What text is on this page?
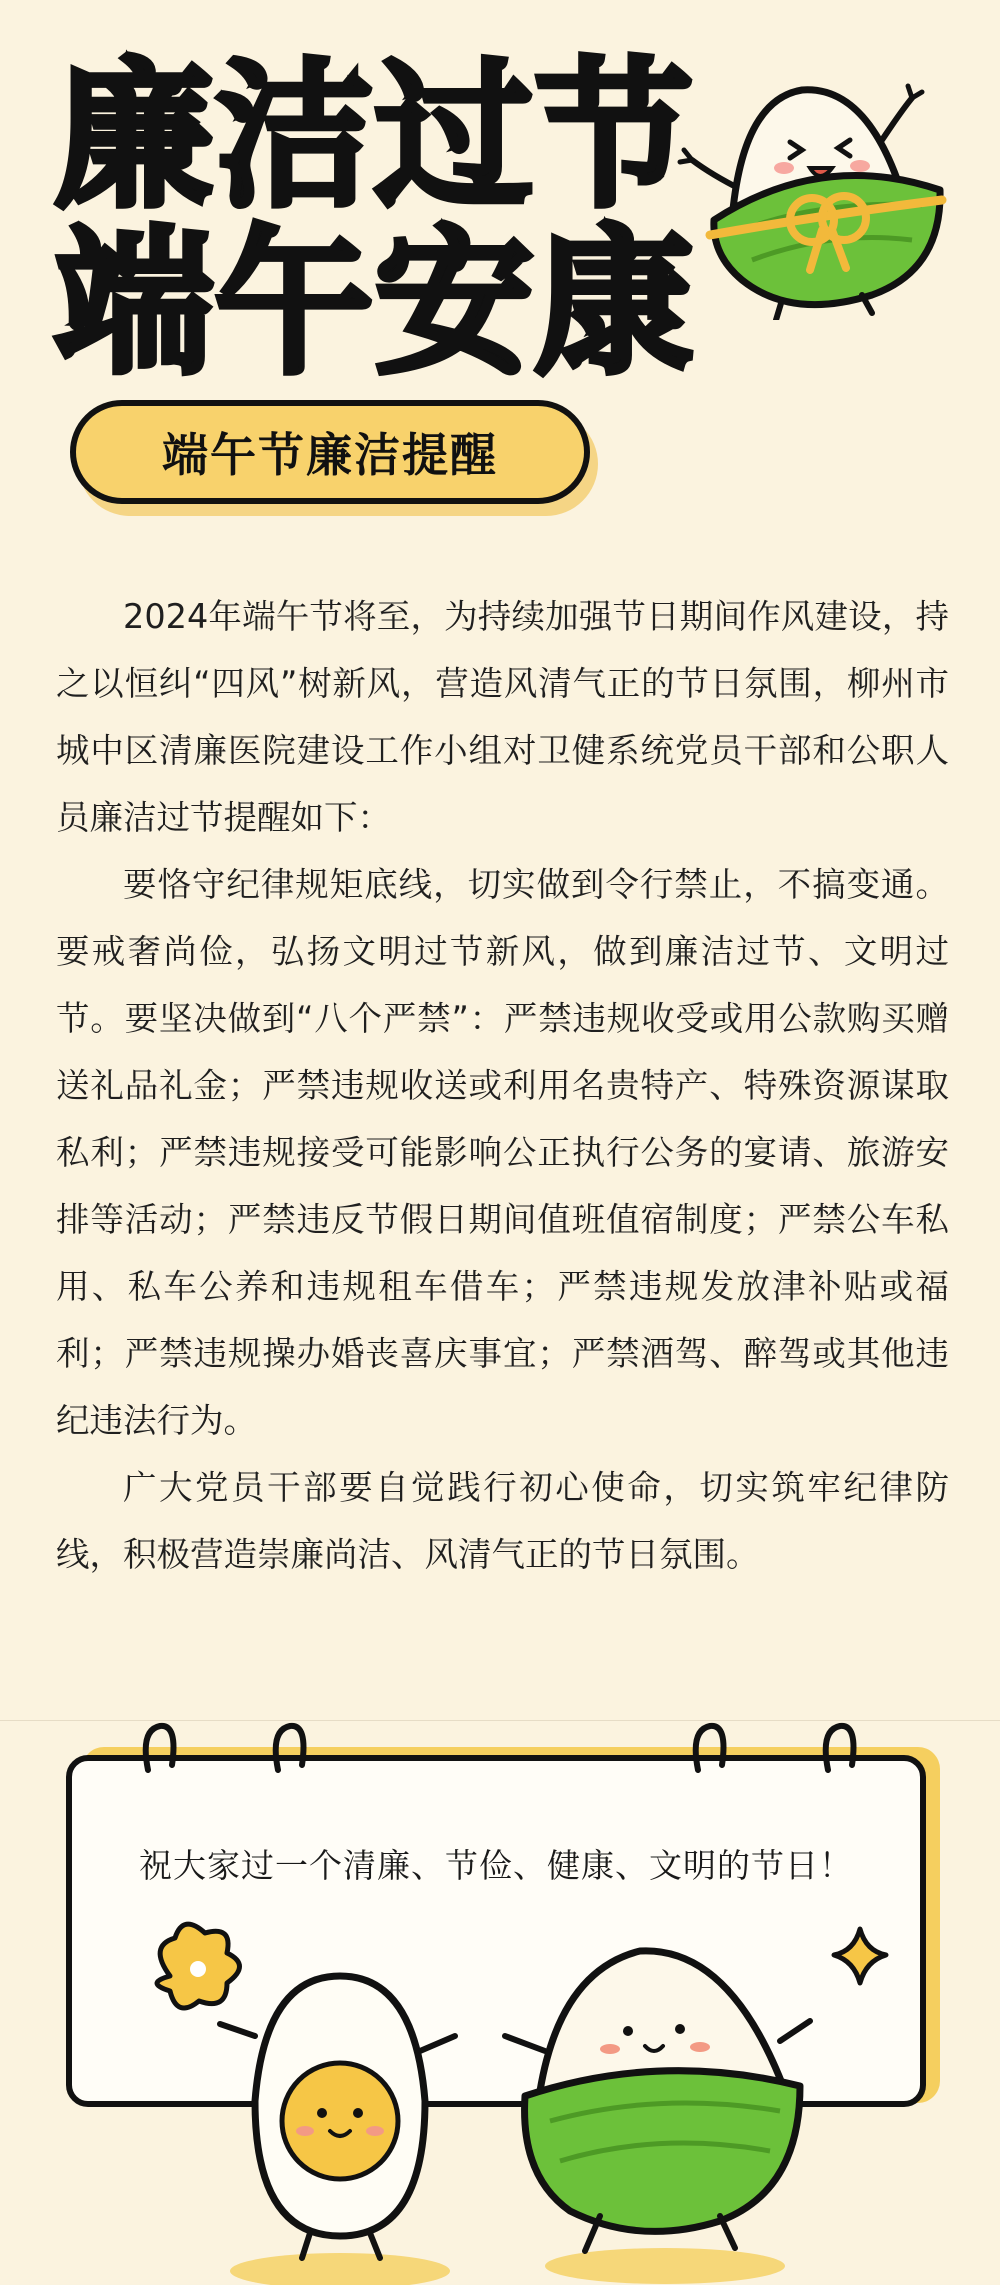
廉洁过节
端午安康
端午节廉洁提醒

2024年端午节将至，为持续加强节日期间作风建设，持之以恒纠“四风”树新风，营造风清气正的节日氛围，柳州市城中区清廉医院建设工作小组对卫健系统党员干部和公职人员廉洁过节提醒如下：

要恪守纪律规矩底线，切实做到令行禁止，不搞变通。要戒奢尚俭，弘扬文明过节新风，做到廉洁过节、文明过节。要坚决做到“八个严禁”：严禁违规收受或用公款购买赠送礼品礼金；严禁违规收送或利用名贵特产、特殊资源谋取私利；严禁违规接受可能影响公正执行公务的宴请、旅游安排等活动；严禁违反节假日期间值班值宿制度；严禁公车私用、私车公养和违规租车借车；严禁违规发放津补贴或福利；严禁违规操办婚丧喜庆事宜；严禁酒驾、醉驾或其他违纪违法行为。

广大党员干部要自觉践行初心使命，切实筑牢纪律防线，积极营造崇廉尚洁、风清气正的节日氛围。

祝大家过一个清廉、节俭、健康、文明的节日！
